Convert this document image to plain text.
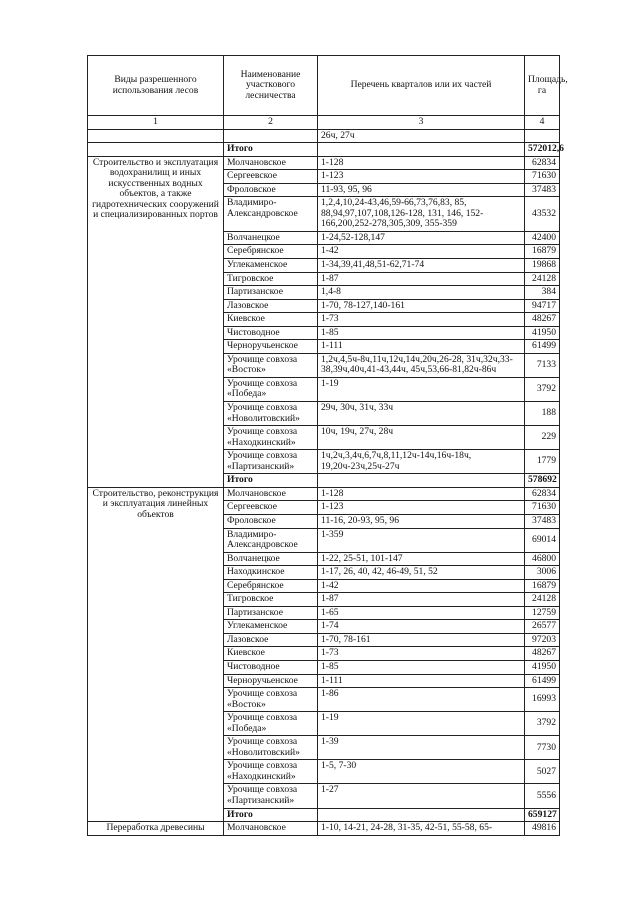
Виды разрешенного использования лесов	Наименование участкового лесничества	Перечень кварталов или их частей	Площадь, га
1	2	3	4
		26ч, 27ч	
	Итого		572012,6
Строительство и эксплуатация водохранилищ и иных искусственных водных объектов, а также гидротехнических сооружений и специализированных портов	Молчановское	1-128	62834
	Сергеевское	1-123	71630
	Фроловское	11-93, 95, 96	37483
	Владимиро-Александровское	1,2,4,10,24-43,46,59-66,73,76,83, 85, 88,94,97,107,108,126-128, 131, 146, 152-166,200,252-278,305,309, 355-359	43532
	Волчанецкое	1-24,52-128,147	42400
	Серебрянское	1-42	16879
	Углекаменское	1-34,39,41,48,51-62,71-74	19868
	Тигровское	1-87	24128
	Партизанское	1,4-8	384
	Лазовское	1-70, 78-127,140-161	94717
	Киевское	1-73	48267
	Чистоводное	1-85	41950
	Черноручьенское	1-111	61499
	Урочище совхоза «Восток»	1,2ч,4,5ч-8ч,11ч,12ч,14ч,20ч,26-28, 31ч,32ч,33-38,39ч,40ч,41-43,44ч, 45ч,53,66-81,82ч-86ч	7133
	Урочище совхоза «Победа»	1-19	3792
	Урочище совхоза «Новолитовский»	29ч, 30ч, 31ч, 33ч	188
	Урочище совхоза «Находкинский»	10ч, 19ч, 27ч, 28ч	229
	Урочище совхоза «Партизанский»	1ч,2ч,3,4ч,6,7ч,8,11,12ч-14ч,16ч-18ч, 19,20ч-23ч,25ч-27ч	1779
	Итого		578692
Строительство, реконструкция и эксплуатация линейных объектов	Молчановское	1-128	62834
	Сергеевское	1-123	71630
	Фроловское	11-16, 20-93, 95, 96	37483
	Владимиро-Александровское	1-359	69014
	Волчанецкое	1-22, 25-51, 101-147	46800
	Находкинское	1-17, 26, 40, 42, 46-49, 51, 52	3006
	Серебрянское	1-42	16879
	Тигровское	1-87	24128
	Партизанское	1-65	12759
	Углекаменское	1-74	26577
	Лазовское	1-70, 78-161	97203
	Киевское	1-73	48267
	Чистоводное	1-85	41950
	Черноручьенское	1-111	61499
	Урочище совхоза «Восток»	1-86	16993
	Урочище совхоза «Победа»	1-19	3792
	Урочище совхоза «Новолитовский»	1-39	7730
	Урочище совхоза «Находкинский»	1-5, 7-30	5027
	Урочище совхоза «Партизанский»	1-27	5556
	Итого		659127
Переработка древесины	Молчановское	1-10, 14-21, 24-28, 31-35, 42-51, 55-58, 65-	49816
